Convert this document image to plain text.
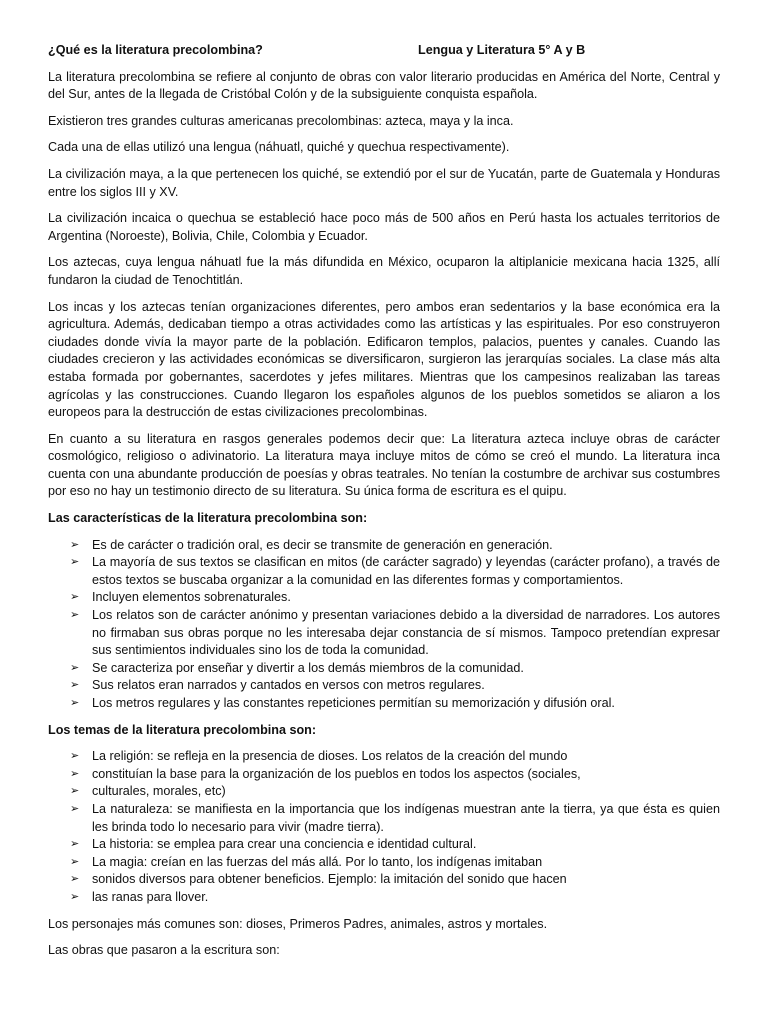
¿Qué es la literatura precolombina?	Lengua y Literatura 5° A y B

La literatura precolombina se refiere al conjunto de obras con valor literario producidas en América del Norte, Central y del Sur, antes de la llegada de Cristóbal Colón y de la subsiguiente conquista española.

Existieron tres grandes culturas americanas precolombinas: azteca, maya y la inca.

Cada una de ellas utilizó una lengua (náhuatl, quiché y quechua respectivamente).

La civilización maya, a la que pertenecen los quiché, se extendió por el sur de Yucatán, parte de Guatemala y Honduras entre los siglos III y XV.

La civilización incaica o quechua se estableció hace poco más de 500 años en Perú hasta los actuales territorios de Argentina (Noroeste), Bolivia, Chile, Colombia y Ecuador.

Los aztecas, cuya lengua náhuatl fue la más difundida en México, ocuparon la altiplanicie mexicana hacia 1325, allí fundaron la ciudad de Tenochtitlán.

Los incas y los aztecas tenían organizaciones diferentes, pero ambos eran sedentarios y la base económica era la agricultura. Además, dedicaban tiempo a otras actividades como las artísticas y las espirituales. Por eso construyeron ciudades donde vivía la mayor parte de la población. Edificaron templos, palacios, puentes y canales. Cuando las ciudades crecieron y las actividades económicas se diversificaron, surgieron las jerarquías sociales. La clase más alta estaba formada por gobernantes, sacerdotes y jefes militares. Mientras que los campesinos realizaban las tareas agrícolas y las construcciones. Cuando llegaron los españoles algunos de los pueblos sometidos se aliaron a los europeos para la destrucción de estas civilizaciones precolombinas.

En cuanto a su literatura en rasgos generales podemos decir que: La literatura azteca incluye obras de carácter cosmológico, religioso o adivinatorio. La literatura maya incluye mitos de cómo se creó el mundo. La literatura inca cuenta con una abundante producción de poesías y obras teatrales. No tenían la costumbre de archivar sus costumbres por eso no hay un testimonio directo de su literatura. Su única forma de escritura es el quipu.

Las características de la literatura precolombina son:
➢ Es de carácter o tradición oral, es decir se transmite de generación en generación.
➢ La mayoría de sus textos se clasifican en mitos (de carácter sagrado) y leyendas (carácter profano), a través de estos textos se buscaba organizar a la comunidad en las diferentes formas y comportamientos.
➢ Incluyen elementos sobrenaturales.
➢ Los relatos son de carácter anónimo y presentan variaciones debido a la diversidad de narradores. Los autores no firmaban sus obras porque no les interesaba dejar constancia de sí mismos. Tampoco pretendían expresar sus sentimientos individuales sino los de toda la comunidad.
➢ Se caracteriza por enseñar y divertir a los demás miembros de la comunidad.
➢ Sus relatos eran narrados y cantados en versos con metros regulares.
➢ Los metros regulares y las constantes repeticiones permitían su memorización y difusión oral.
Los temas de la literatura precolombina son:
➢ La religión: se refleja en la presencia de dioses. Los relatos de la creación del mundo
➢ constituían la base para la organización de los pueblos en todos los aspectos (sociales,
➢ culturales, morales, etc)
➢ La naturaleza: se manifiesta en la importancia que los indígenas muestran ante la tierra, ya que ésta es quien les brinda todo lo necesario para vivir (madre tierra).
➢ La historia: se emplea para crear una conciencia e identidad cultural.
➢ La magia: creían en las fuerzas del más allá. Por lo tanto, los indígenas imitaban
➢ sonidos diversos para obtener beneficios. Ejemplo: la imitación del sonido que hacen
➢ las ranas para llover.

Los personajes más comunes son: dioses, Primeros Padres, animales, astros y mortales.

Las obras que pasaron a la escritura son:
